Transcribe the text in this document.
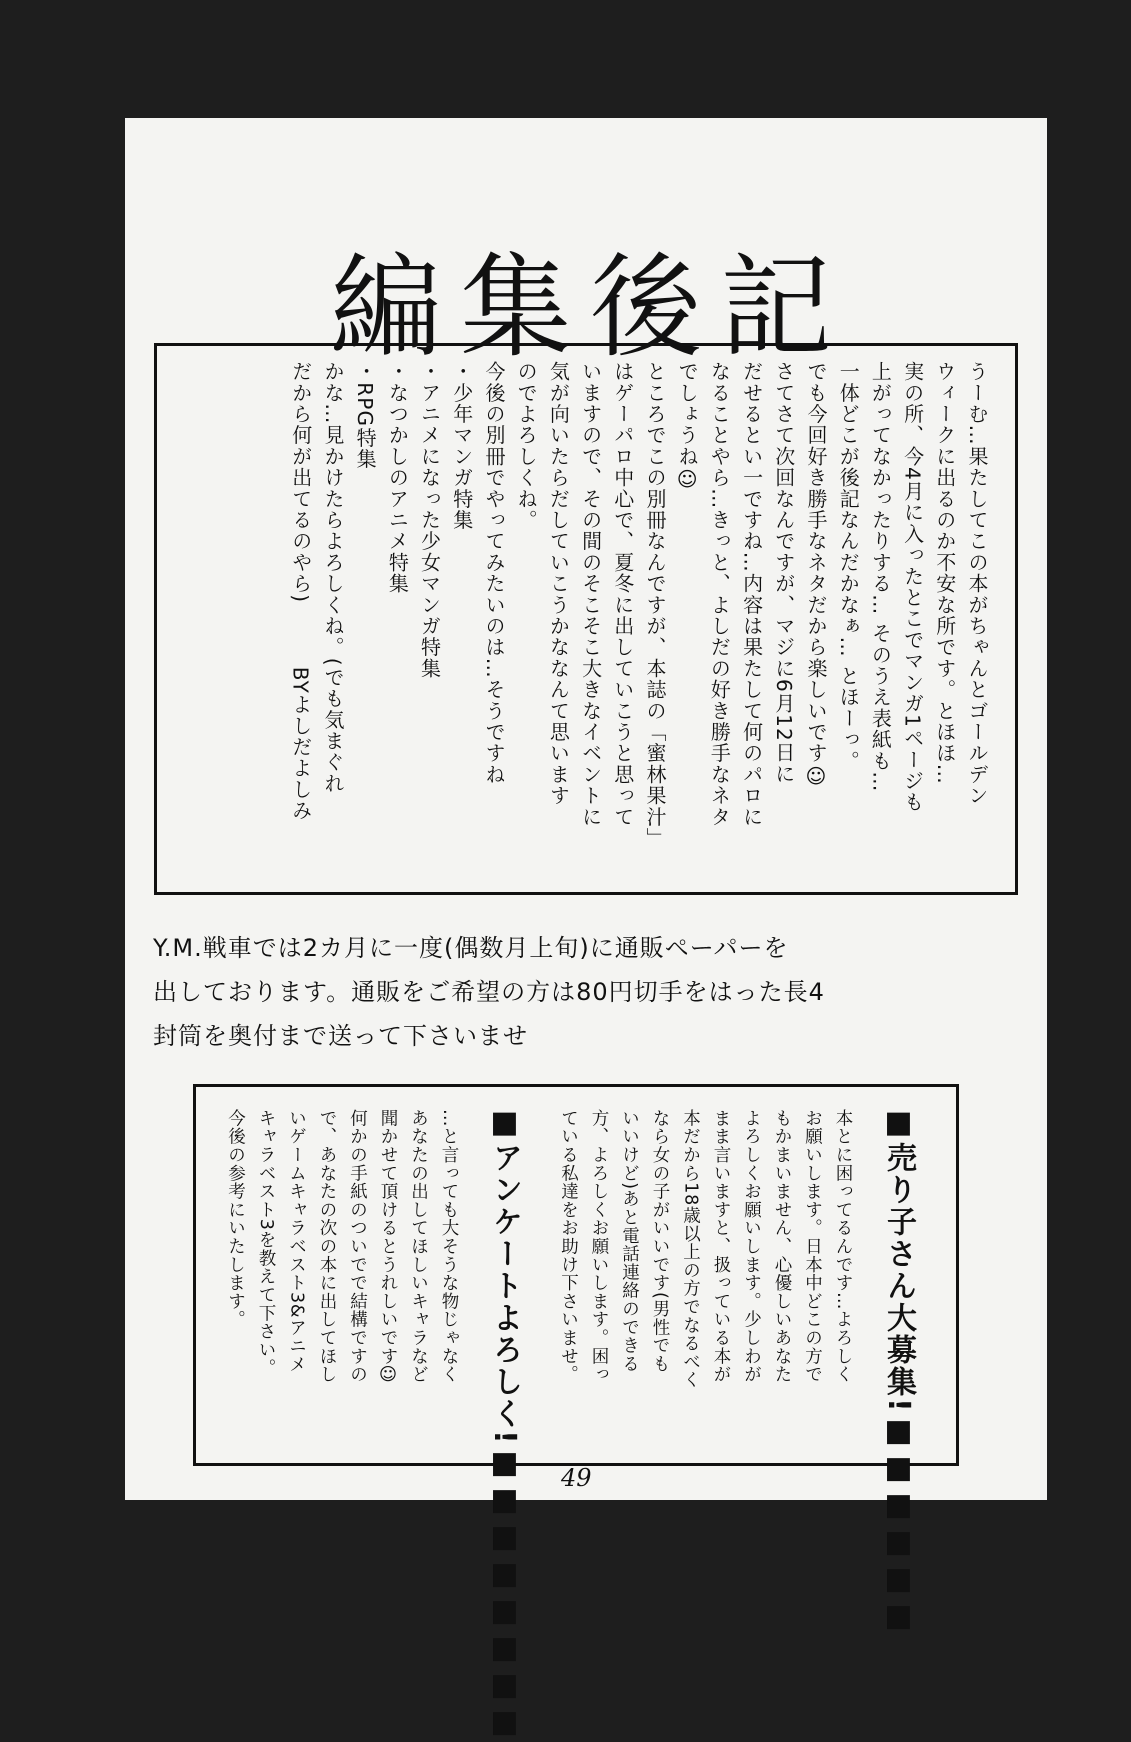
編集後記
うーむ…果たしてこの本がちゃんとゴールデン
ウィークに出るのか不安な所です。とほほ…
実の所、今4月に入ったとこでマンガ1ページも
上がってなかったりする… そのうえ表紙も…
一体どこが後記なんだかなぁ… とほーっ。
でも今回好き勝手なネタだから楽しいです☺
さてさて次回なんですが、マジに6月12日に
だせるとい一ですね…内容は果たして何のパロに
なることやら…きっと、よしだの好き勝手なネタ
でしょうね☺
ところでこの別冊なんですが、本誌の「蜜林果汁」
はゲーパロ中心で、夏冬に出していこうと思って
いますので、その間のそこそこ大きなイベントに
気が向いたらだしていこうかななんて思います
のでよろしくね。
今後の別冊でやってみたいのは…そうですね
・少年マンガ特集
・アニメになった少女マンガ特集
・なつかしのアニメ特集
・RPG特集
かな…見かけたらよろしくね。(でも気まぐれ
だから何が出てるのやら)　　　BYよしだよしみ
Y.M.戦車では2カ月に一度(偶数月上旬)に通販ペーパーを
出しております。通販をご希望の方は80円切手をはった長4
封筒を奥付まで送って下さいませ
■売り子さん大募集!■■■■■■
本とに困ってるんです…よろしく
お願いします。日本中どこの方で
もかまいません、心優しいあなた
よろしくお願いします。少しわが
まま言いますと、扱っている本が
本だから18歳以上の方でなるべく
なら女の子がいいです(男性でも
いいけど)あと電話連絡のできる
方、よろしくお願いします。困っ
ている私達をお助け下さいませ。
■アンケートよろしく!■■■■■■■■
…と言っても大そうな物じゃなく
あなたの出してほしいキャラなど
聞かせて頂けるとうれしいです☺
何かの手紙のついでで結構ですの
で、あなたの次の本に出してほし
いゲームキャラベスト3&アニメ
キャラベスト3を教えて下さい。
今後の参考にいたします。
49
